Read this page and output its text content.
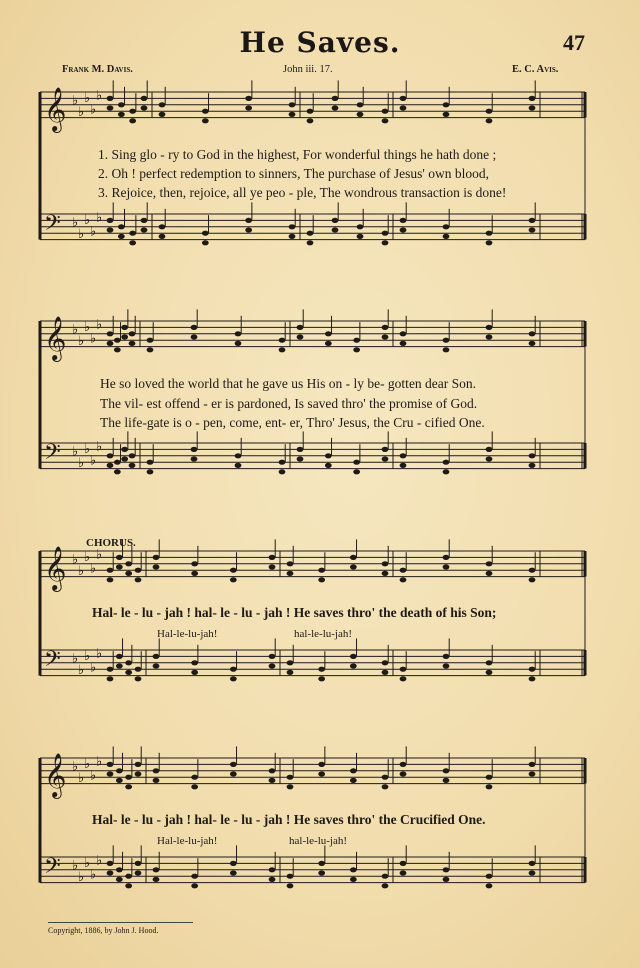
He Saves.	47
Frank M. Davis.	John iii. 17.	E. C. Avis.
♭
♭
♭
♭
♭
𝄞
♭
♭
♭
♭
♭
𝄢
♭
♭
♭
♭
♭
𝄞
♭
♭
♭
♭
♭
𝄢
♭
♭
♭
♭
♭
𝄞
♭
♭
♭
♭
♭
𝄢
♭
♭
♭
♭
♭
𝄞
♭
♭
♭
♭
♭
𝄢
1. Sing glo - ry to God in the highest, For wonderful things he hath done ;
2. Oh ! perfect redemption to sinners, The purchase of Jesus' own blood,
3. Rejoice, then, rejoice, all ye peo - ple, The wondrous transaction is done!
He so loved the world that he gave us His on - ly be- gotten dear Son.
The vil- est offend - er is pardoned, Is saved thro' the promise of God.
The life-gate is o - pen, come, ent- er, Thro' Jesus, the Cru - cified One.
CHORUS.
Hal- le - lu - jah ! hal- le - lu - jah ! He saves thro' the death of his Son;
Hal-le-lu-jah!	hal-le-lu-jah!
Hal- le - lu - jah ! hal- le - lu - jah ! He saves thro' the Crucified One.
Hal-le-lu-jah!	hal-le-lu-jah!
Copyright, 1886, by John J. Hood.
